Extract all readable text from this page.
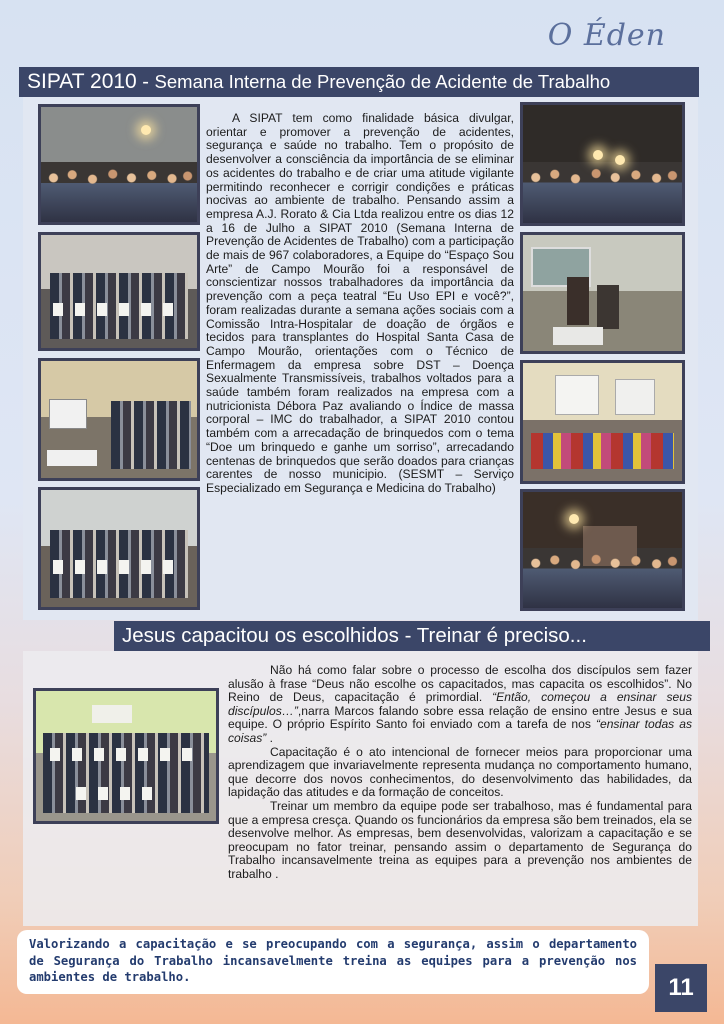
O Éden
SIPAT 2010 - Semana Interna de Prevenção de Acidente de Trabalho
A SIPAT tem como finalidade básica divulgar, orientar e promover a prevenção de acidentes, segurança e saúde no trabalho. Tem o propósito de desenvolver a consciência da importância de se eliminar os acidentes do trabalho e de criar uma atitude vigilante permitindo reconhecer e corrigir condições e práticas nocivas ao ambiente de trabalho. Pensando assim a empresa A.J. Rorato & Cia Ltda realizou entre os dias 12 a 16 de Julho a SIPAT 2010 (Semana Interna de Prevenção de Acidentes de Trabalho) com a participação de mais de 967 colaboradores, a Equipe do “Espaço Sou Arte” de Campo Mourão foi a responsável de conscientizar nossos trabalhadores da importância da prevenção com a peça teatral “Eu Uso EPI e você?”, foram realizadas durante a semana ações sociais com a Comissão Intra-Hospitalar de doação de órgãos e tecidos para transplantes do Hospital Santa Casa de Campo Mourão, orientações com o Técnico de Enfermagem da empresa sobre DST – Doença Sexualmente Transmissíveis, trabalhos voltados para a saúde também foram realizados na empresa com a nutricionista Débora Paz avaliando o Índice de massa corporal – IMC do trabalhador, a SIPAT 2010 contou também com a arrecadação de brinquedos com o tema “Doe um brinquedo e ganhe um sorriso”, arrecadando centenas de brinquedos que serão doados para crianças carentes de nosso municipio. (SESMT – Serviço Especializado em Segurança e Medicina do Trabalho)
Jesus capacitou os escolhidos - Treinar é preciso...

Não há como falar sobre o processo de escolha dos discípulos sem fazer alusão à frase “Deus não escolhe os capacitados, mas capacita os escolhidos”. No Reino de Deus, capacitação é primordial. “Então, começou a ensinar seus discípulos…”,narra Marcos falando sobre essa relação de ensino entre Jesus e sua equipe. O próprio Espírito Santo foi enviado com a tarefa de nos “ensinar todas as coisas” .

Capacitação é o ato intencional de fornecer meios para proporcionar uma aprendizagem que invariavelmente representa mudança no comportamento humano, que decorre dos novos conhecimentos, do desenvolvimento das habilidades, da lapidação das atitudes e da formação de conceitos.

Treinar um membro da equipe pode ser trabalhoso, mas é fundamental para que a empresa cresça. Quando os funcionários da empresa são bem treinados, ela se desenvolve melhor. As empresas, bem desenvolvidas, valorizam a capacitação e se preocupam no fator treinar, pensando assim o departamento de Segurança do Trabalho incansavelmente treina as equipes para a prevenção nos ambientes de trabalho .

Valorizando a capacitação e se preocupando com a segurança, assim o departamento de Segurança do Trabalho incansavelmente treina as equipes para a prevenção nos ambientes de trabalho.	11
